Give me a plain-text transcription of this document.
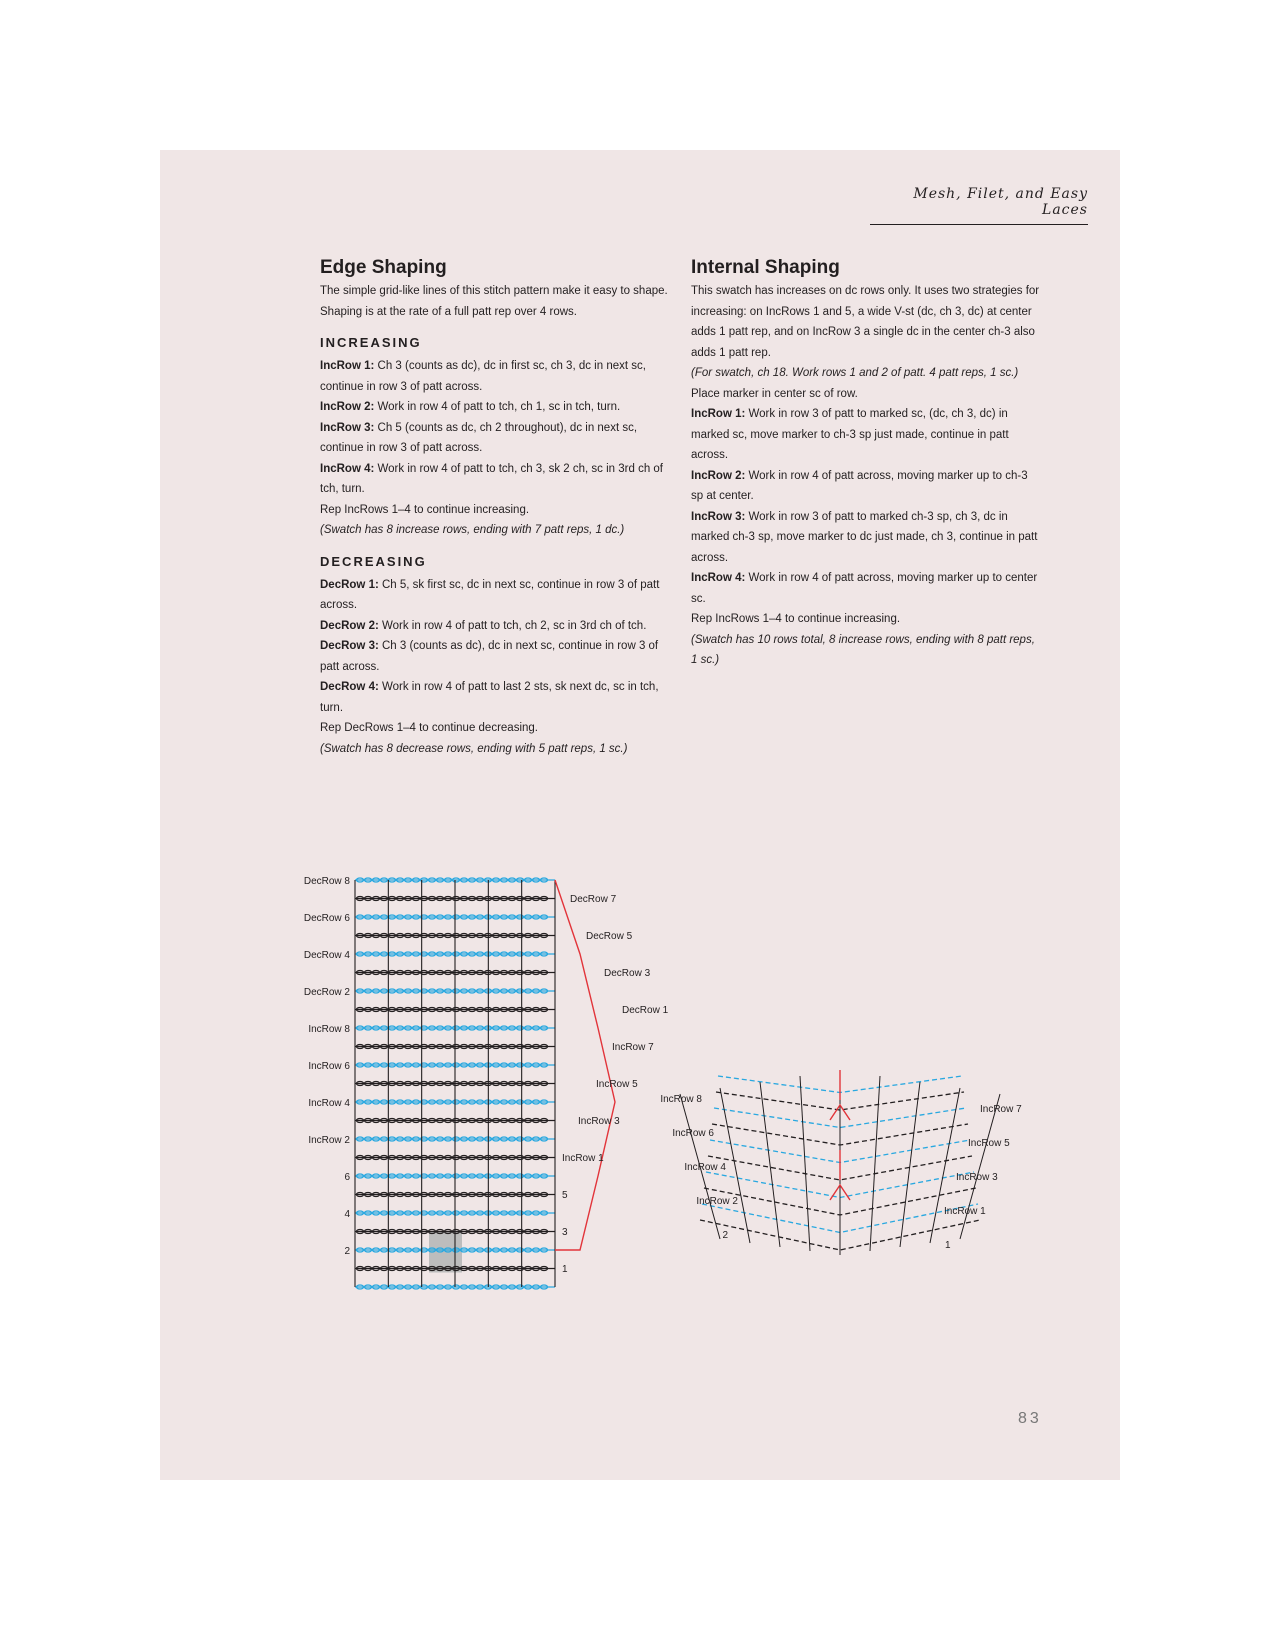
Mesh, Filet, and Easy Laces
Edge Shaping

The simple grid-like lines of this stitch pattern make it easy to shape. Shaping is at the rate of a full patt rep over 4 rows.

INCREASING

IncRow 1: Ch 3 (counts as dc), dc in first sc, ch 3, dc in next sc, continue in row 3 of patt across.

IncRow 2: Work in row 4 of patt to tch, ch 1, sc in tch, turn.

IncRow 3: Ch 5 (counts as dc, ch 2 throughout), dc in next sc, continue in row 3 of patt across.

IncRow 4: Work in row 4 of patt to tch, ch 3, sk 2 ch, sc in 3rd ch of tch, turn.

Rep IncRows 1–4 to continue increasing.

(Swatch has 8 increase rows, ending with 7 patt reps, 1 dc.)

DECREASING

DecRow 1: Ch 5, sk first sc, dc in next sc, continue in row 3 of patt across.

DecRow 2: Work in row 4 of patt to tch, ch 2, sc in 3rd ch of tch.

DecRow 3: Ch 3 (counts as dc), dc in next sc, continue in row 3 of patt across.

DecRow 4: Work in row 4 of patt to last 2 sts, sk next dc, sc in tch, turn.

Rep DecRows 1–4 to continue decreasing.

(Swatch has 8 decrease rows, ending with 5 patt reps, 1 sc.)

Internal Shaping

This swatch has increases on dc rows only. It uses two strategies for increasing: on IncRows 1 and 5, a wide V-st (dc, ch 3, dc) at center adds 1 patt rep, and on IncRow 3 a single dc in the center ch-3 also adds 1 patt rep.

(For swatch, ch 18. Work rows 1 and 2 of patt. 4 patt reps, 1 sc.)

Place marker in center sc of row.

IncRow 1: Work in row 3 of patt to marked sc, (dc, ch 3, dc) in marked sc, move marker to ch-3 sp just made, continue in patt across.

IncRow 2: Work in row 4 of patt across, moving marker up to ch-3 sp at center.

IncRow 3: Work in row 3 of patt to marked ch-3 sp, ch 3, dc in marked ch-3 sp, move marker to dc just made, ch 3, continue in patt across.

IncRow 4: Work in row 4 of patt across, moving marker up to center sc.

Rep IncRows 1–4 to continue increasing.

(Swatch has 10 rows total, 8 increase rows, ending with 8 patt reps, 1 sc.)

DecRow 8
DecRow 6
DecRow 4
DecRow 2
IncRow 8
IncRow 6
IncRow 4
IncRow 2
6
4
2
DecRow 7
DecRow 5
DecRow 3
DecRow 1
IncRow 7
IncRow 5
IncRow 3
IncRow 1
5
3
1
IncRow 8
IncRow 6
IncRow 4
IncRow 2
2
IncRow 7
IncRow 5
IncRow 3
IncRow 1
1
83
